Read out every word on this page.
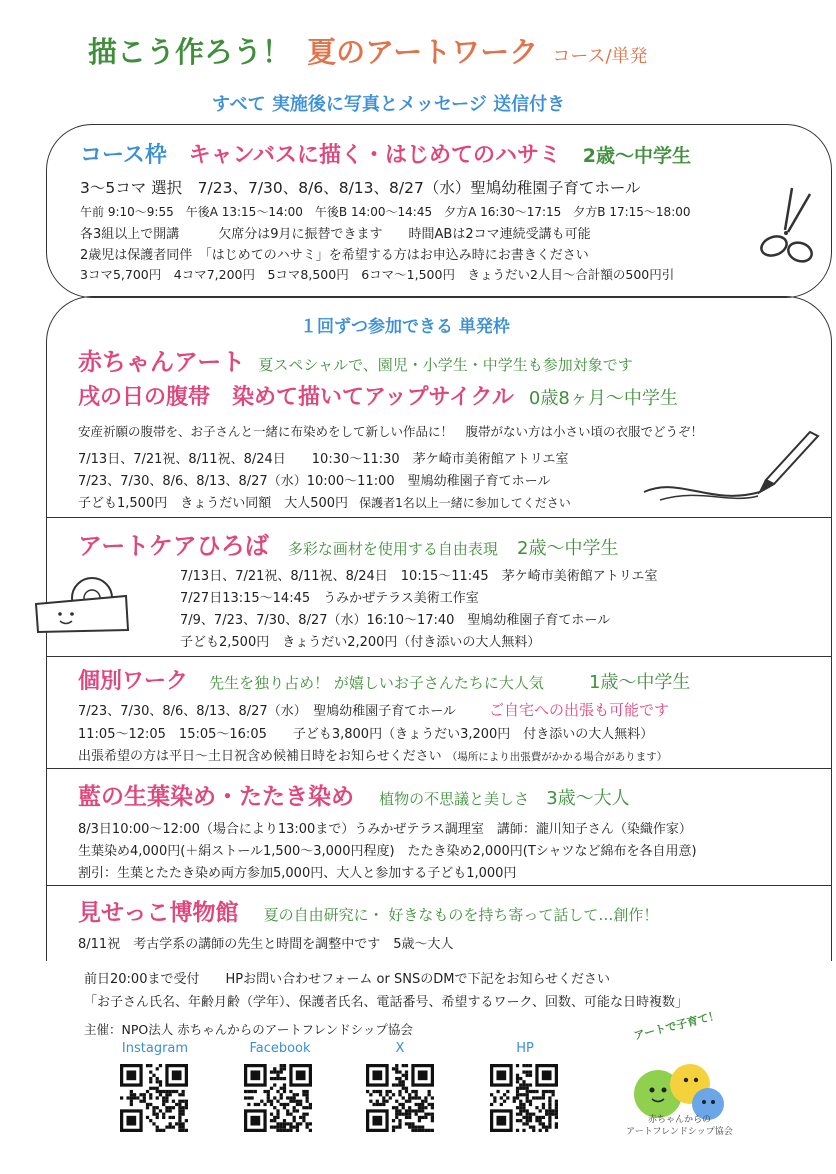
描こう作ろう！ 夏のアートワーク コース/単発
すべて 実施後に写真とメッセージ 送信付き
コース枠 キャンバスに描く・はじめてのハサミ 2歳〜中学生
3〜5コマ 選択　7/23、7/30、8/6、8/13、8/27（水）聖鳩幼稚園子育てホール
午前 9:10〜9:55　午後A 13:15〜14:00　午後B 14:00〜14:45　夕方A 16:30〜17:15　夕方B 17:15〜18:00
各3組以上で開講　　　欠席分は9月に振替できます　　時間ABは2コマ連続受講も可能
2歳児は保護者同伴　「はじめてのハサミ」を希望する方はお申込み時にお書きください
3コマ5,700円　4コマ7,200円　5コマ8,500円　6コマ〜1,500円　きょうだい2人目〜合計額の500円引
１回ずつ参加できる 単発枠
赤ちゃんアート 夏スペシャルで、園児・小学生・中学生も参加対象です
戌の日の腹帯　染めて描いてアップサイクル 0歳8ヶ月〜中学生
安産祈願の腹帯を、お子さんと一緒に布染めをして新しい作品に！　腹帯がない方は小さい頃の衣服でどうぞ！
7/13日、7/21祝、8/11祝、8/24日　　10:30〜11:30　茅ケ崎市美術館アトリエ室
7/23、7/30、8/6、8/13、8/27（水）10:00〜11:00　聖鳩幼稚園子育てホール
子ども1,500円　きょうだい同額　大人500円 保護者1名以上一緒に参加してください
アートケアひろば 多彩な画材を使用する自由表現 2歳〜中学生
7/13日、7/21祝、8/11祝、8/24日　10:15〜11:45　茅ケ崎市美術館アトリエ室
7/27日13:15〜14:45　うみかぜテラス美術工作室
7/9、7/23、7/30、8/27（水）16:10〜17:40　聖鳩幼稚園子育てホール
子ども2,500円　きょうだい2,200円（付き添いの大人無料）
個別ワーク 先生を独り占め！ が嬉しいお子さんたちに大人気	1歳〜中学生
7/23、7/30、8/6、8/13、8/27（水）　聖鳩幼稚園子育てホール ご自宅への出張も可能です
11:05〜12:05　15:05〜16:05　　子ども3,800円（きょうだい3,200円　付き添いの大人無料）
出張希望の方は平日〜土日祝含め候補日時をお知らせください （場所により出張費がかかる場合があります）
藍の生葉染め・たたき染め 植物の不思議と美しさ 3歳〜大人
8/3日10:00〜12:00（場合により13:00まで）うみかぜテラス調理室　講師：瀧川知子さん（染織作家）
生葉染め4,000円(＋絹ストール1,500〜3,000円程度)　たたき染め2,000円(Tシャツなど綿布を各自用意)
割引：生葉とたたき染め両方参加5,000円、大人と参加する子ども1,000円
見せっこ博物館 夏の自由研究に・ 好きなものを持ち寄って話して…創作！
8/11祝　考古学系の講師の先生と時間を調整中です　5歳〜大人
前日20:00まで受付　　HPお問い合わせフォーム or SNSのDMで下記をお知らせください
「お子さん氏名、年齢月齢（学年）、保護者氏名、電話番号、希望するワーク、回数、可能な日時複数」
主催：NPO法人 赤ちゃんからのアートフレンドシップ協会
Instagram	Facebook	X	HP
アートで子育て！
赤ちゃんからの
アートフレンドシップ協会
